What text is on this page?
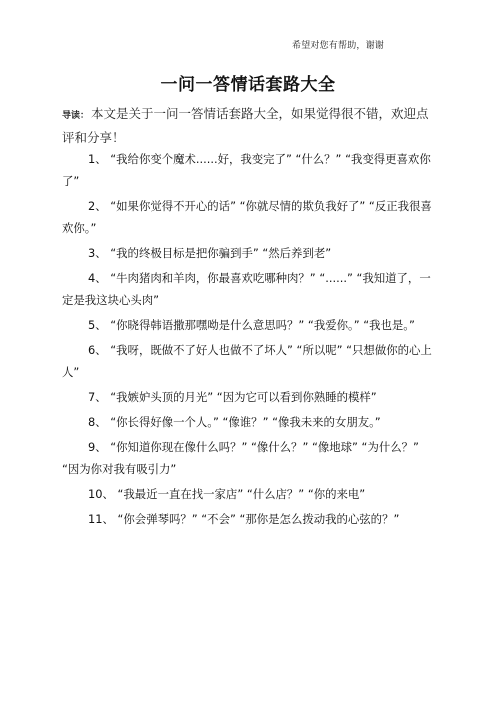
希望对您有帮助，谢谢
一问一答情话套路大全
导读： 本文是关于一问一答情话套路大全，如果觉得很不错，欢迎点评和分享！
1、 “我给你变个魔术......好，我变完了” “什么？” “我变得更喜欢你了”
2、 “如果你觉得不开心的话” “你就尽情的欺负我好了” “反正我很喜欢你。”
3、 “我的终极目标是把你骗到手” “然后养到老”
4、 “牛肉猪肉和羊肉，你最喜欢吃哪种肉？” “......” “我知道了，一定是我这块心头肉”
5、 “你晓得韩语撒那嘿呦是什么意思吗？” “我爱你。” “我也是。”
6、 “我呀，既做不了好人也做不了坏人” “所以呢” “只想做你的心上人”
7、 “我嫉妒头顶的月光” “因为它可以看到你熟睡的模样”
8、 “你长得好像一个人。” “像谁？” “像我未来的女朋友。”
9、 “你知道你现在像什么吗？” “像什么？” “像地球” “为什么？” “因为你对我有吸引力”
10、 “我最近一直在找一家店” “什么店？” “你的来电”
11、 “你会弹琴吗？” “不会” “那你是怎么拨动我的心弦的？”
